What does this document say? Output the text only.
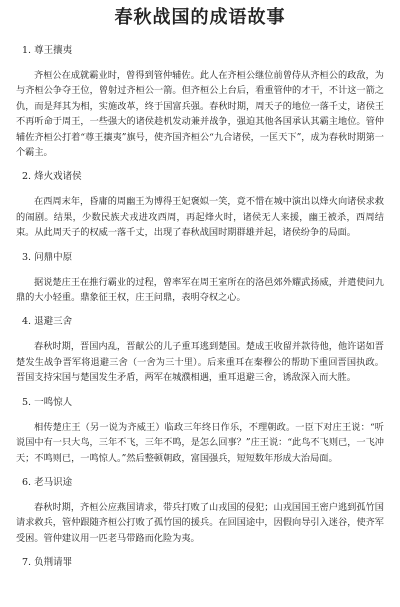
春秋战国的成语故事
1. 尊王攘夷

齐桓公在成就霸业时，曾得到管仲辅佐。此人在齐桓公继位前曾侍从齐桓公的政敌，为与齐桓公争夺王位，曾射过齐桓公一箭。但齐桓公上台后，看重管仲的才干，不计这一箭之仇，而是拜其为相，实施改革，终于国富兵强。春秋时期，周天子的地位一落千丈，诸侯王不再听命于周王，一些强大的诸侯趁机发动兼并战争，强迫其他各国承认其霸主地位。管仲辅佐齐桓公打着“尊王攘夷”旗号，使齐国齐桓公“九合诸侯，一匡天下”，成为春秋时期第一个霸主。

2. 烽火戏诸侯

在西周末年，昏庸的周幽王为博得王妃褒姒一笑，竟不惜在城中演出以烽火向诸侯求救的闹剧。结果，少数民族犬戎进攻西周，再起烽火时，诸侯无人来援，幽王被杀，西周结束。从此周天子的权威一落千丈，出现了春秋战国时期群雄并起，诸侯纷争的局面。

3. 问鼎中原

据说楚庄王在推行霸业的过程，曾率军在周王室所在的洛邑郊外耀武扬威，并遣使问九鼎的大小轻重。鼎象征王权，庄王问鼎，表明夺权之心。

4. 退避三舍

春秋时期，晋国内乱，晋献公的儿子重耳逃到楚国。楚成王收留并款待他，他许诺如晋楚发生战争晋军将退避三舍（一舍为三十里）。后来重耳在秦穆公的帮助下重回晋国执政。晋国支持宋国与楚国发生矛盾，两军在城濮相遇，重耳退避三舍，诱敌深入而大胜。

5. 一鸣惊人

相传楚庄王（另一说为齐威王）临政三年终日作乐，不理朝政。一臣下对庄王说：“听说国中有一只大鸟，三年不飞，三年不鸣，是怎么回事？”庄王说：“此鸟不飞则已，一飞冲天；不鸣则已，一鸣惊人。”然后整顿朝政，富国强兵，短短数年形成大治局面。

6. 老马识途

春秋时期，齐桓公应燕国请求，带兵打败了山戎国的侵犯；山戎国国王密户逃到孤竹国请求救兵，管仲跟随齐桓公打败了孤竹国的援兵。在回国途中，因假向导引入迷谷，使齐军受困。管仲建议用一匹老马带路而化险为夷。

7. 负荆请罪
